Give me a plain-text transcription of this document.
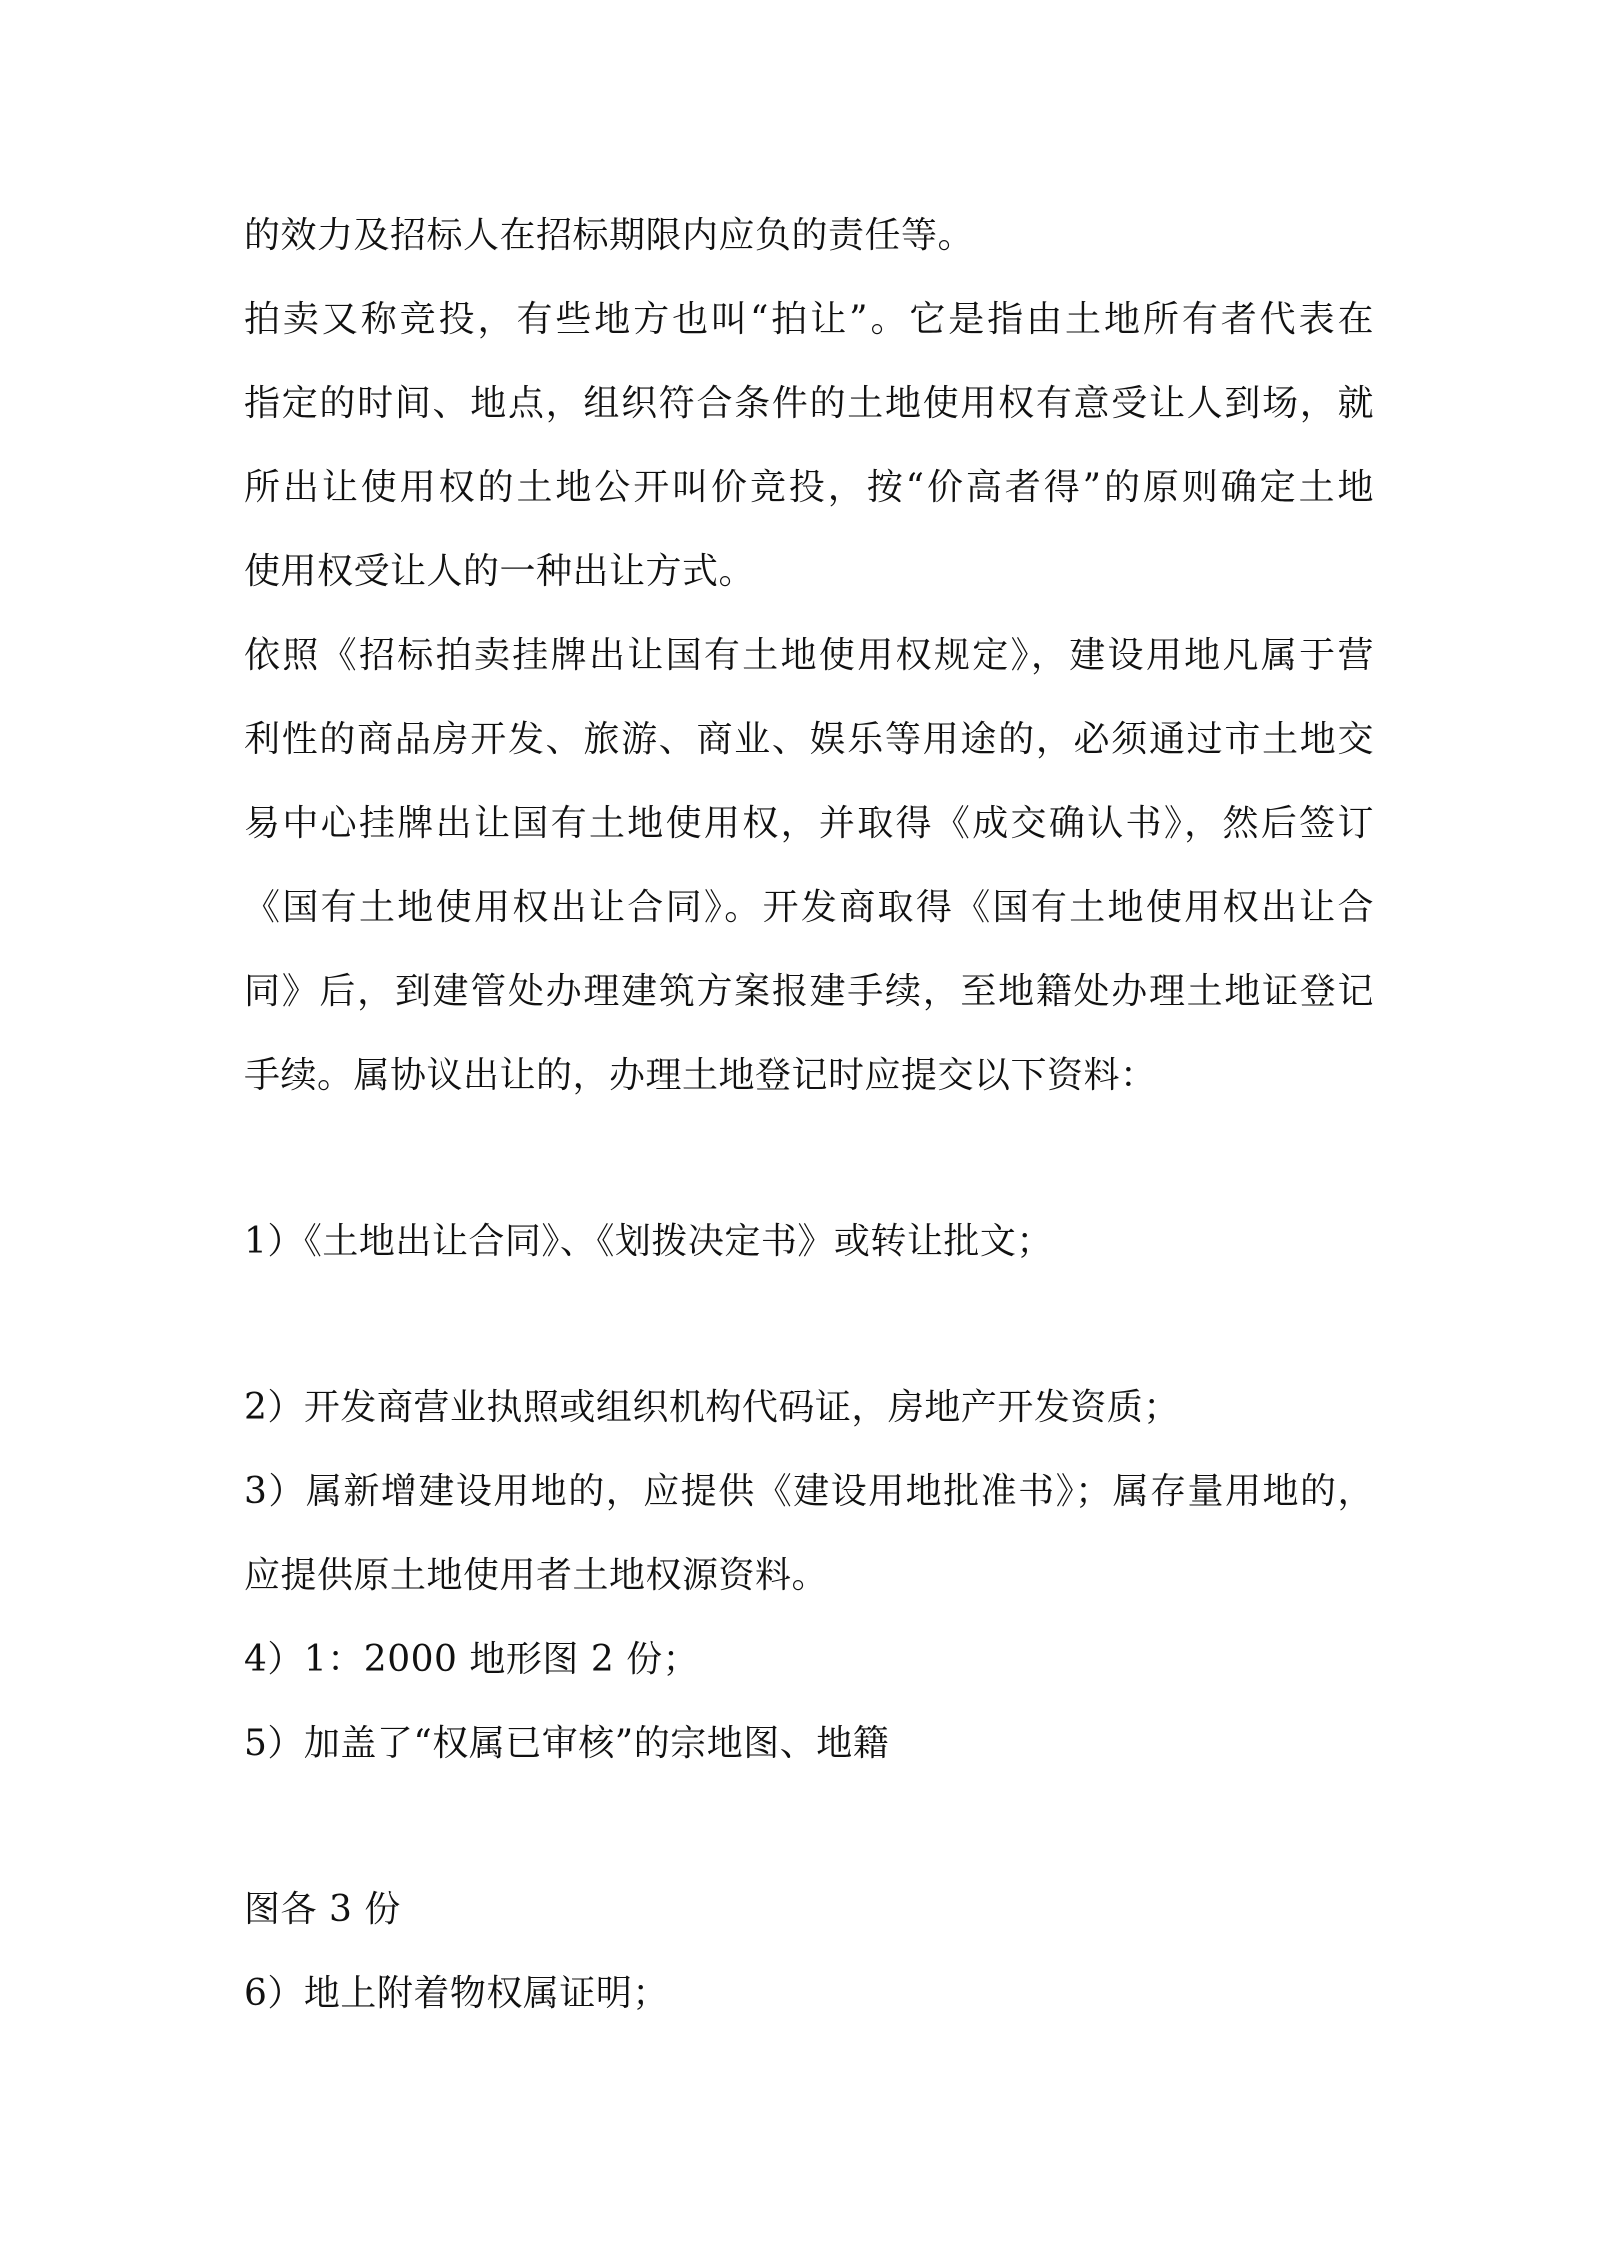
的效力及招标人在招标期限内应负的责任等。
拍卖又称竞投，有些地方也叫“拍让”。它是指由土地所有者代表在
指定的时间、地点，组织符合条件的土地使用权有意受让人到场，就
所出让使用权的土地公开叫价竞投，按“价高者得”的原则确定土地
使用权受让人的一种出让方式。
依照《招标拍卖挂牌出让国有土地使用权规定》，建设用地凡属于营
利性的商品房开发、旅游、商业、娱乐等用途的，必须通过市土地交
易中心挂牌出让国有土地使用权，并取得《成交确认书》，然后签订
《国有土地使用权出让合同》。开发商取得《国有土地使用权出让合
同》后，到建管处办理建筑方案报建手续，至地籍处办理土地证登记
手续。属协议出让的，办理土地登记时应提交以下资料：
1）《土地出让合同》、《划拨决定书》或转让批文；
2）开发商营业执照或组织机构代码证，房地产开发资质；
3）属新增建设用地的，应提供《建设用地批准书》；属存量用地的，
应提供原土地使用者土地权源资料。
4）1：2000 地形图 2 份；
5）加盖了“权属已审核”的宗地图、地籍
图各 3 份
6）地上附着物权属证明；
